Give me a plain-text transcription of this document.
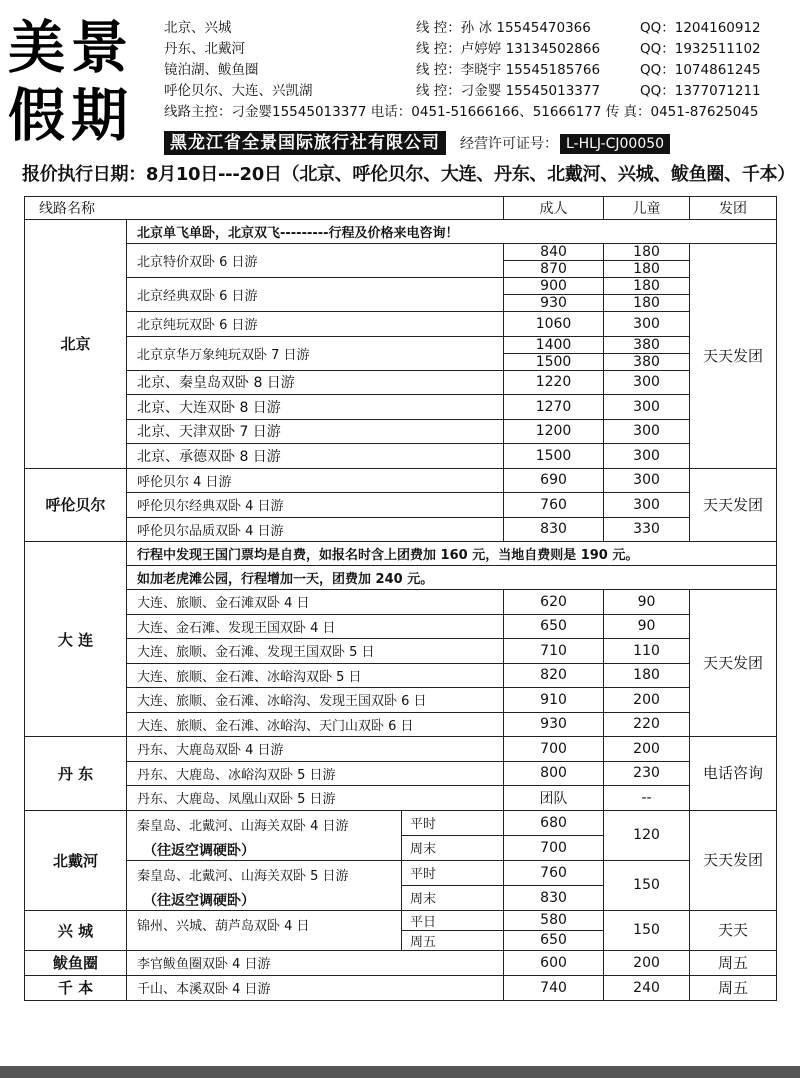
美景
假期
北京、兴城	线 控：孙 冰 15545470366	QQ：1204160912
丹东、北戴河	线 控：卢婷婷 13134502866	QQ：1932511102
镜泊湖、鲅鱼圈	线 控：李晓宇 15545185766	QQ：1074861245
呼伦贝尔、大连、兴凯湖	线 控：刁金婴 15545013377	QQ：1377071211
线路主控：刁金婴15545013377 电话：0451-51666166、51666177 传 真：0451-87625045
黑龙江省全景国际旅行社有限公司	经营许可证号： L-HLJ-CJ00050
报价执行日期：8月10日---20日（北京、呼伦贝尔、大连、丹东、北戴河、兴城、鲅鱼圈、千本）
线路名称			成人	儿童	发团
北京	北京单飞单卧，北京双飞---------行程及价格来电咨询！				
	北京特价双卧 6 日游		840	180	天天发团
			870	180	
	北京经典双卧 6 日游		900	180	
			930	180	
	北京纯玩双卧 6 日游		1060	300	
	北京京华万象纯玩双卧 7 日游		1400	380	
			1500	380	
	北京、秦皇岛双卧 8 日游		1220	300	
	北京、大连双卧 8 日游		1270	300	
	北京、天津双卧 7 日游		1200	300	
	北京、承德双卧 8 日游		1500	300	

呼伦贝尔	呼伦贝尔 4 日游		690	300	天天发团
	呼伦贝尔经典双卧 4 日游		760	300	
	呼伦贝尔品质双卧 4 日游		830	330	
大 连	行程中发现王国门票均是自费，如报名时含上团费加 160 元，当地自费则是 190 元。				
	如加老虎滩公园，行程增加一天，团费加 240 元。				
	大连、旅顺、金石滩双卧 4 日		620	90	天天发团
	大连、金石滩、发现王国双卧 4 日		650	90	
	大连、旅顺、金石滩、发现王国双卧 5 日		710	110	
	大连、旅顺、金石滩、冰峪沟双卧 5 日		820	180	
	大连、旅顺、金石滩、冰峪沟、发现王国双卧 6 日		910	200	
	大连、旅顺、金石滩、冰峪沟、天门山双卧 6 日		930	220	
丹 东	丹东、大鹿岛双卧 4 日游		700	200	电话咨询
	丹东、大鹿岛、冰峪沟双卧 5 日游		800	230	
	丹东、大鹿岛、凤凰山双卧 5 日游		团队	--	
北戴河	秦皇岛、北戴河、山海关双卧 4 日游
（往返空调硬卧）	平时	680	120	天天发团
		周末	700		
	秦皇岛、北戴河、山海关双卧 5 日游
（往返空调硬卧）	平时	760	150	
		周末	830		
兴 城	锦州、兴城、葫芦岛双卧 4 日	平日	580	150	天天
		周五	650		
鲅鱼圈	李官鲅鱼圈双卧 4 日游		600	200	周五
千 本	千山、本溪双卧 4 日游		740	240	周五
